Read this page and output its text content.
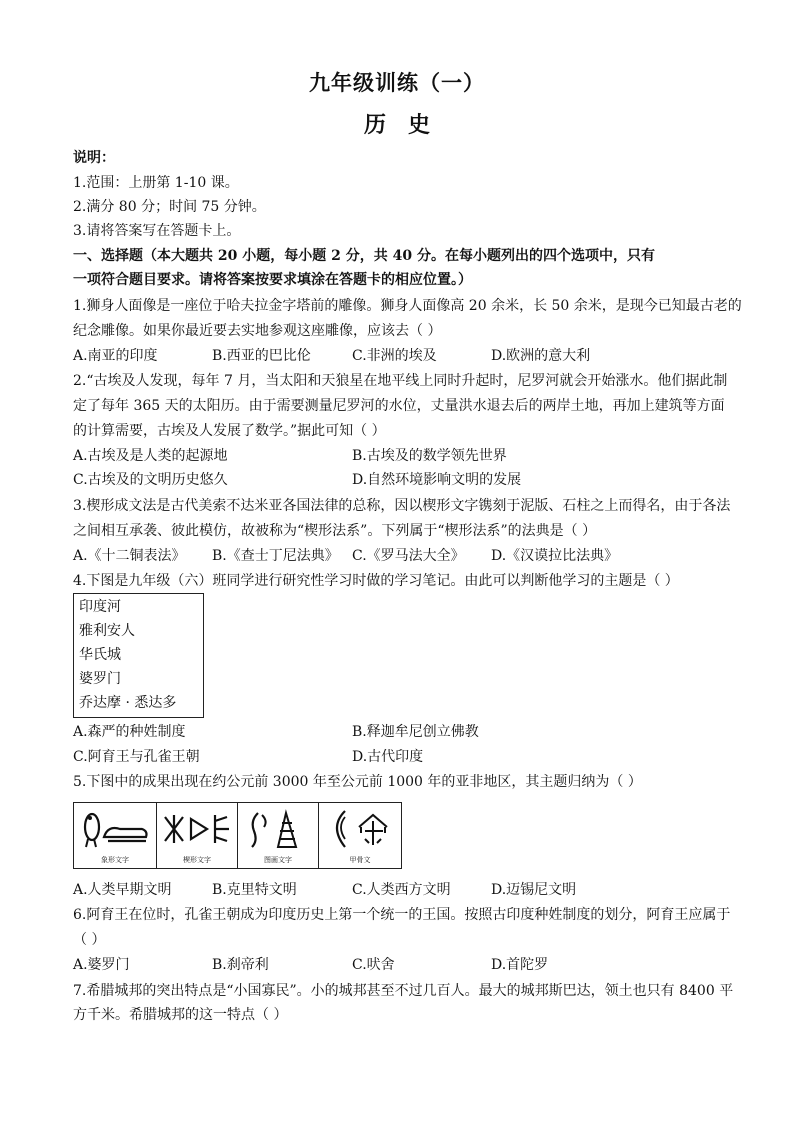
九年级训练（一）
历 史
说明：
1.范围：上册第 1-10 课。
2.满分 80 分；时间 75 分钟。
3.请将答案写在答题卡上。
一、选择题（本大题共 20 小题，每小题 2 分，共 40 分。在每小题列出的四个选项中，只有
一项符合题目要求。请将答案按要求填涂在答题卡的相应位置。）
1.狮身人面像是一座位于哈夫拉金字塔前的雕像。狮身人面像高 20 余米，长 50 余米，是现今已知最古老的
纪念雕像。如果你最近要去实地参观这座雕像，应该去（ ）
A.南亚的印度	B.西亚的巴比伦	C.非洲的埃及	D.欧洲的意大利
2.“古埃及人发现，每年 7 月，当太阳和天狼星在地平线上同时升起时，尼罗河就会开始涨水。他们据此制
定了每年 365 天的太阳历。由于需要测量尼罗河的水位，丈量洪水退去后的两岸土地，再加上建筑等方面
的计算需要，古埃及人发展了数学。”据此可知（ ）
A.古埃及是人类的起源地	B.古埃及的数学领先世界
C.古埃及的文明历史悠久	D.自然环境影响文明的发展
3.楔形成文法是古代美索不达米亚各国法律的总称，因以楔形文字镌刻于泥版、石柱之上而得名，由于各法
之间相互承袭、彼此模仿，故被称为“楔形法系”。下列属于“楔形法系”的法典是（ ）
A.《十二铜表法》 B.《查士丁尼法典》 C.《罗马法大全》 D.《汉谟拉比法典》
4.下图是九年级（六）班同学进行研究性学习时做的学习笔记。由此可以判断他学习的主题是（ ）
印度河
雅利安人
华氏城
婆罗门
乔达摩 · 悉达多
A.森严的种姓制度	B.释迦牟尼创立佛教
C.阿育王与孔雀王朝	D.古代印度
5.下图中的成果出现在约公元前 3000 年至公元前 1000 年的亚非地区，其主题归纳为（ ）
象形文字	楔形文字	图画文字	甲骨文
A.人类早期文明	B.克里特文明	C.人类西方文明	D.迈锡尼文明
6.阿育王在位时，孔雀王朝成为印度历史上第一个统一的王国。按照古印度种姓制度的划分，阿育王应属于
（ ）
A.婆罗门	B.刹帝利	C.吠舍	D.首陀罗
7.希腊城邦的突出特点是“小国寡民”。小的城邦甚至不过几百人。最大的城邦斯巴达，领土也只有 8400 平
方千米。希腊城邦的这一特点（ ）
